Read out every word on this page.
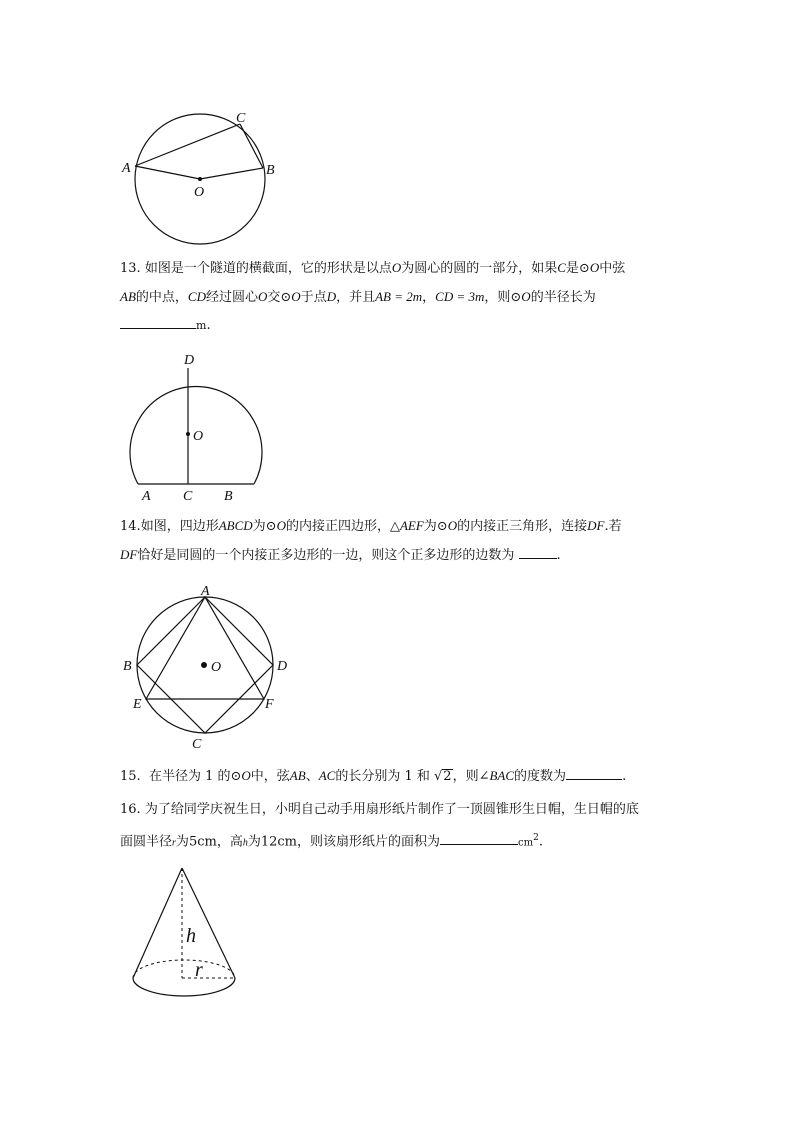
A
C
B
O

13. 如图是一个隧道的横截面，它的形状是以点O为圆心的圆的一部分，如果C是⊙O中弦

AB的中点，CD经过圆心O交⊙O于点D，并且AB = 2m，CD = 3m，则⊙O的半径长为

m.

D
O
A C B

14.如图，四边形ABCD为⊙O的内接正四边形，△AEF为⊙O的内接正三角形，连接DF.若

DF恰好是同圆的一个内接正多边形的一边，则这个正多边形的边数为	.

A
B	D
E	F
C
O

15. 在半径为 1 的⊙O中，弦AB、AC的长分别为 1 和 √2，则∠BAC的度数为	.

16. 为了给同学庆祝生日，小明自己动手用扇形纸片制作了一顶圆锥形生日帽，生日帽的底

面圆半径r为5cm，高h为12cm，则该扇形纸片的面积为	$cm^2$.

h
r
